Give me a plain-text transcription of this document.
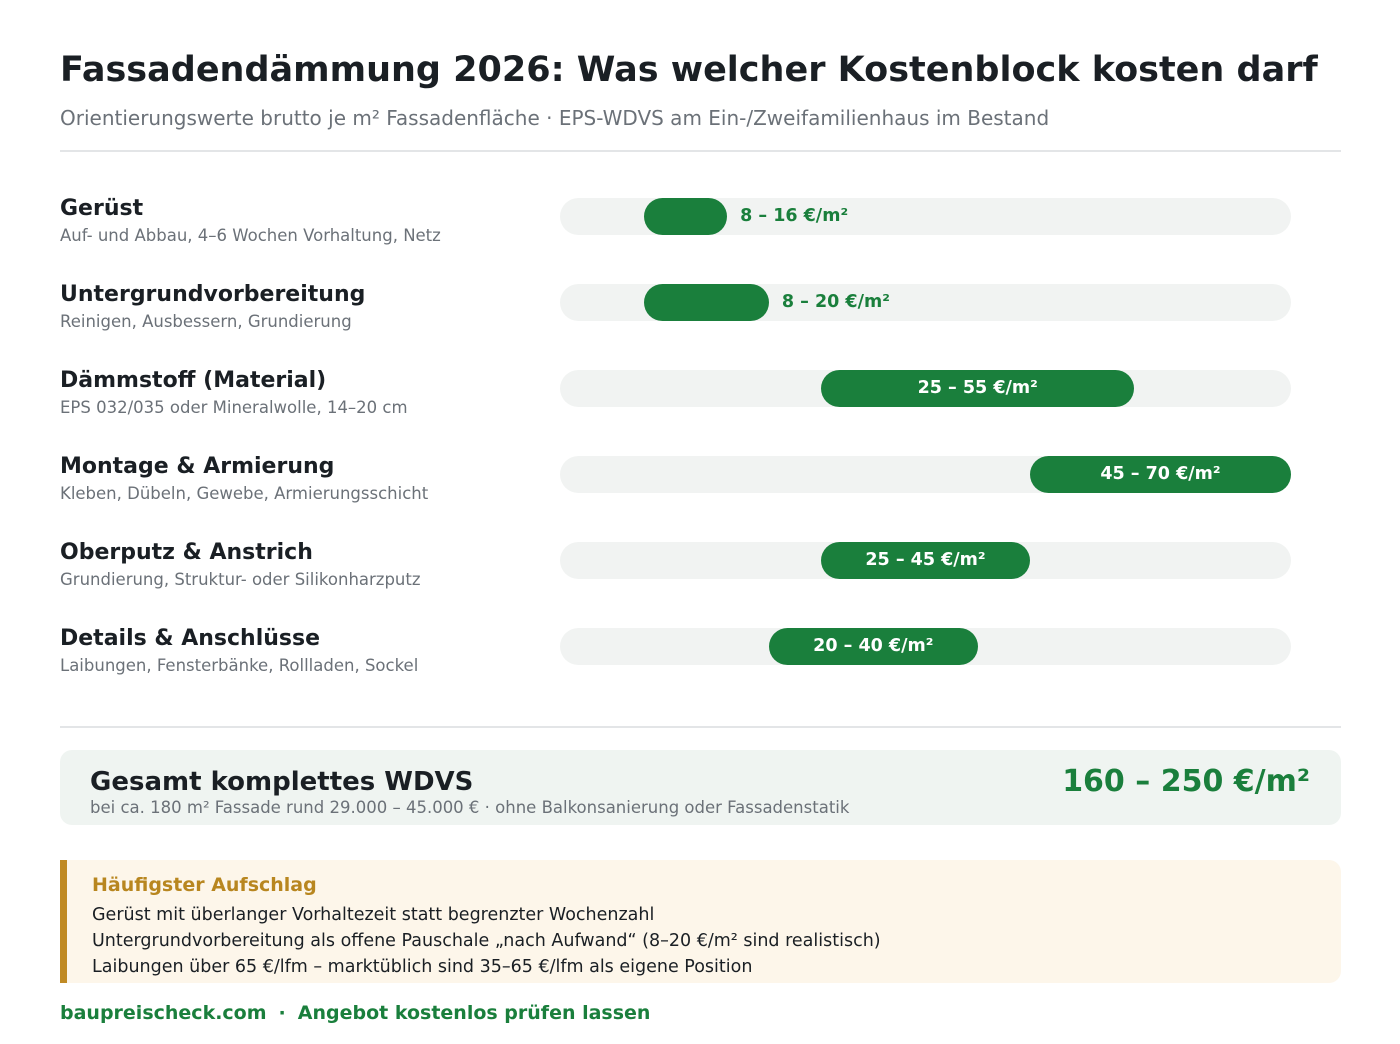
Fassadendämmung 2026: Was welcher Kostenblock kosten darf
Orientierungswerte brutto je m² Fassadenfläche · EPS-WDVS am Ein-/Zweifamilienhaus im Bestand
Gerüst
Auf- und Abbau, 4–6 Wochen Vorhaltung, Netz
8 – 16 €/m²
Untergrundvorbereitung
Reinigen, Ausbessern, Grundierung
8 – 20 €/m²
Dämmstoff (Material)
EPS 032/035 oder Mineralwolle, 14–20 cm
25 – 55 €/m²
Montage & Armierung
Kleben, Dübeln, Gewebe, Armierungsschicht
45 – 70 €/m²
Oberputz & Anstrich
Grundierung, Struktur- oder Silikonharzputz
25 – 45 €/m²
Details & Anschlüsse
Laibungen, Fensterbänke, Rollladen, Sockel
20 – 40 €/m²
Gesamt komplettes WDVS
bei ca. 180 m² Fassade rund 29.000 – 45.000 € · ohne Balkonsanierung oder Fassadenstatik
160 – 250 €/m²
Häufigster Aufschlag
Gerüst mit überlanger Vorhaltezeit statt begrenzter Wochenzahl
Untergrundvorbereitung als offene Pauschale „nach Aufwand“ (8–20 €/m² sind realistisch)
Laibungen über 65 €/lfm – marktüblich sind 35–65 €/lfm als eigene Position
baupreischeck.com · Angebot kostenlos prüfen lassen
